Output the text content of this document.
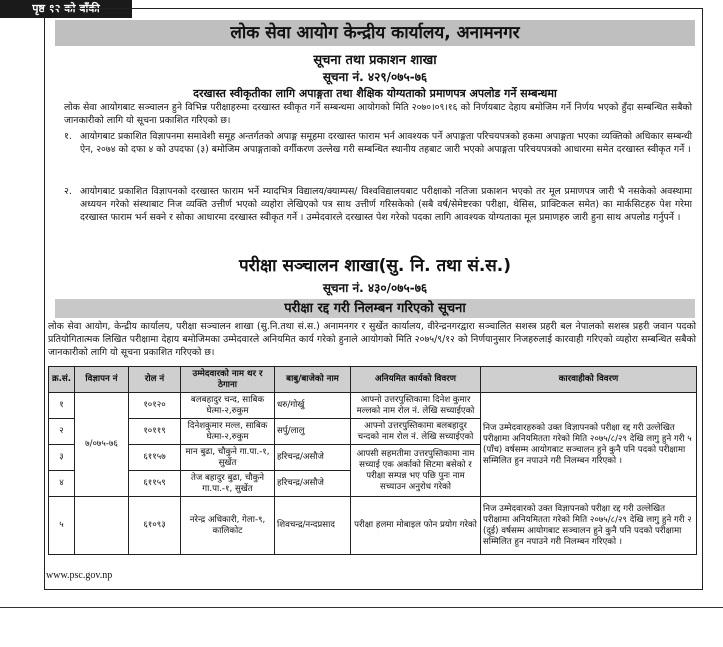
पृष्ठ १२ को बाँकी
लोक सेवा आयोग केन्द्रीय कार्यालय, अनामनगर
सूचना तथा प्रकाशन शाखा
सूचना नं. ४२९/०७५-७६
दरखास्त स्वीकृतीका लागि अपाङ्गता तथा शैक्षिक योग्यताको प्रमाणपत्र अपलोड गर्ने सम्बन्धमा
लोक सेवा आयोगबाट सञ्चालन हुने विभिन्न परीक्षाहरुमा दरखास्त स्वीकृत गर्ने सम्बन्धमा आयोगको मिति २०७०।०९।१६ को निर्णयबाट देहाय बमोजिम गर्ने निर्णय भएको हुँदा सम्बन्धित सबैको जानकारीको लागि यो सूचना प्रकाशित गरिएको छ।
१. आयोगबाट प्रकाशित विज्ञापनमा समावेशी समूह अन्तर्गतको अपाङ्ग समूहमा दरखास्त फाराम भर्न आवश्यक पर्ने अपाङ्गता परिचयपत्रको हकमा अपाङ्गता भएका व्यक्तिको अधिकार सम्बन्धी ऐन, २०७४ को दफा ४ को उपदफा (३) बमोजिम अपाङ्गताको वर्गीकरण उल्लेख गरी सम्बन्धित स्थानीय तहबाट जारी भएको अपाङ्गता परिचयपत्रको आधारमा समेत दरखास्त स्वीकृत गर्ने ।
२. आयोगबाट प्रकाशित विज्ञापनको दरखास्त फाराम भर्ने म्यादभित्र विद्यालय/क्याम्पस/ विश्वविद्यालयबाट परीक्षाको नतिजा प्रकाशन भएको तर मूल प्रमाणपत्र जारी भै नसकेको अवस्थामा अध्ययन गरेको संस्थाबाट निज व्यक्ति उत्तीर्ण भएको व्यहोरा लेखिएको पत्र साथ उत्तीर्ण गरिसकेको (सबै वर्ष/सेमेष्टरका परीक्षा, थेसिस, प्राक्टिकल समेत) का मार्कसिटहरु पेश गरेमा दरखास्त फाराम भर्न सक्ने र सोका आधारमा दरखास्त स्वीकृत गर्ने । उम्मेदवारले दरखास्त पेश गरेको पदका लागि आवश्यक योग्यताका मूल प्रमाणहरु जारी हुना साथ अपलोड गर्नुपर्ने ।
परीक्षा सञ्चालन शाखा(सु. नि. तथा सं.स.)
सूचना नं. ४३०/०७५-७६
परीक्षा रद्द गरी निलम्बन गरिएको सूचना
लोक सेवा आयोग, केन्द्रीय कार्यालय, परीक्षा सञ्चालन शाखा (सु.नि.तथा सं.स.) अनामनगर र सुर्खेत कार्यालय, वीरेन्द्रनगरद्वारा सञ्चालित सशस्त्र प्रहरी बल नेपालको सशस्त्र प्रहरी जवान पदको प्रतियोगितात्मक लिखित परीक्षामा देहाय बमोजिमका उम्मेदवारले अनियमित कार्य गरेको हुनाले आयोगको मिति २०७५/९/१२ को निर्णयानुसार निजहरुलाई कारवाही गरिएको व्यहोरा सम्बन्धित सबैको जानकारीको लागि यो सूचना प्रकाशित गरिएको छ।
क्र.सं.	विज्ञापन नं	रोल नं	उम्मेदवारको नाम थर र ठेगाना	बाबु/बाजेको नाम	अनियमित कार्यको विवरण	कारवाहीको विवरण
१	७/०७५-७६	१०१२०	बलबहादुर चन्द, साबिक घेत्मा-२,रुकुम	धरु/गोर्खु	आफ्नो उत्तरपुस्तिकामा दिनेश कुमार मल्लको नाम रोल नं. लेखि सच्याईएको	निज उम्मेदवारहरुको उक्त विज्ञापनको परीक्षा रद्द गरी उल्लेखित परीक्षामा अनियमितता गरेको मिति २०७५/८/२९ देखि लागु हुने गरी ५ (पाँच) वर्षसम्म आयोगबाट सञ्चालन हुने कुनै पनि पदको परीक्षामा सम्मिलित हुन नपाउने गरी निलम्बन गरिएको ।
२		१०११९	दिनेशकुमार मल्ल, साबिक घेत्मा-२,रुकुम	सर्पु/लालु	आफ्नो उत्तरपुस्तिकामा बलबहादुर चन्दको नाम रोल नं. लेखि सच्याईएको	
३		६११५७	मान बुढा, चौकुने गा.पा.-१, सुर्खेत	हरिचन्द्र/असौजे	आपसी सहमतीमा उत्तरपुस्तिकामा नाम सच्याई एक अर्काको सिटमा बसेको र परीक्षा सम्पन्न भए पछि पुनः नाम सच्याउन अनुरोध गरेको	
४		६११५९	तेज बहादुर बुढा, चौकुने गा.पा.-१, सुर्खेत	हरिचन्द्र/असौजे		
५		६१०९३	नरेन्द्र अधिकारी, गेला-९, कालिकोट	शिवचन्द्र/नन्दप्रसाद	परीक्षा हलमा मोबाइल फोन प्रयोग गरेको	निज उम्मेदवारको उक्त विज्ञापनको परीक्षा रद्द गरी उल्लेखित परीक्षामा अनियमितता गरेको मिति २०७५/८/२९ देखि लागु हुने गरी २ (दुई) वर्षसम्म आयोगबाट सञ्चालन हुने कुनै पनि पदको परीक्षामा सम्मिलित हुन नपाउने गरी निलम्बन गरिएको ।
www.psc.gov.np
